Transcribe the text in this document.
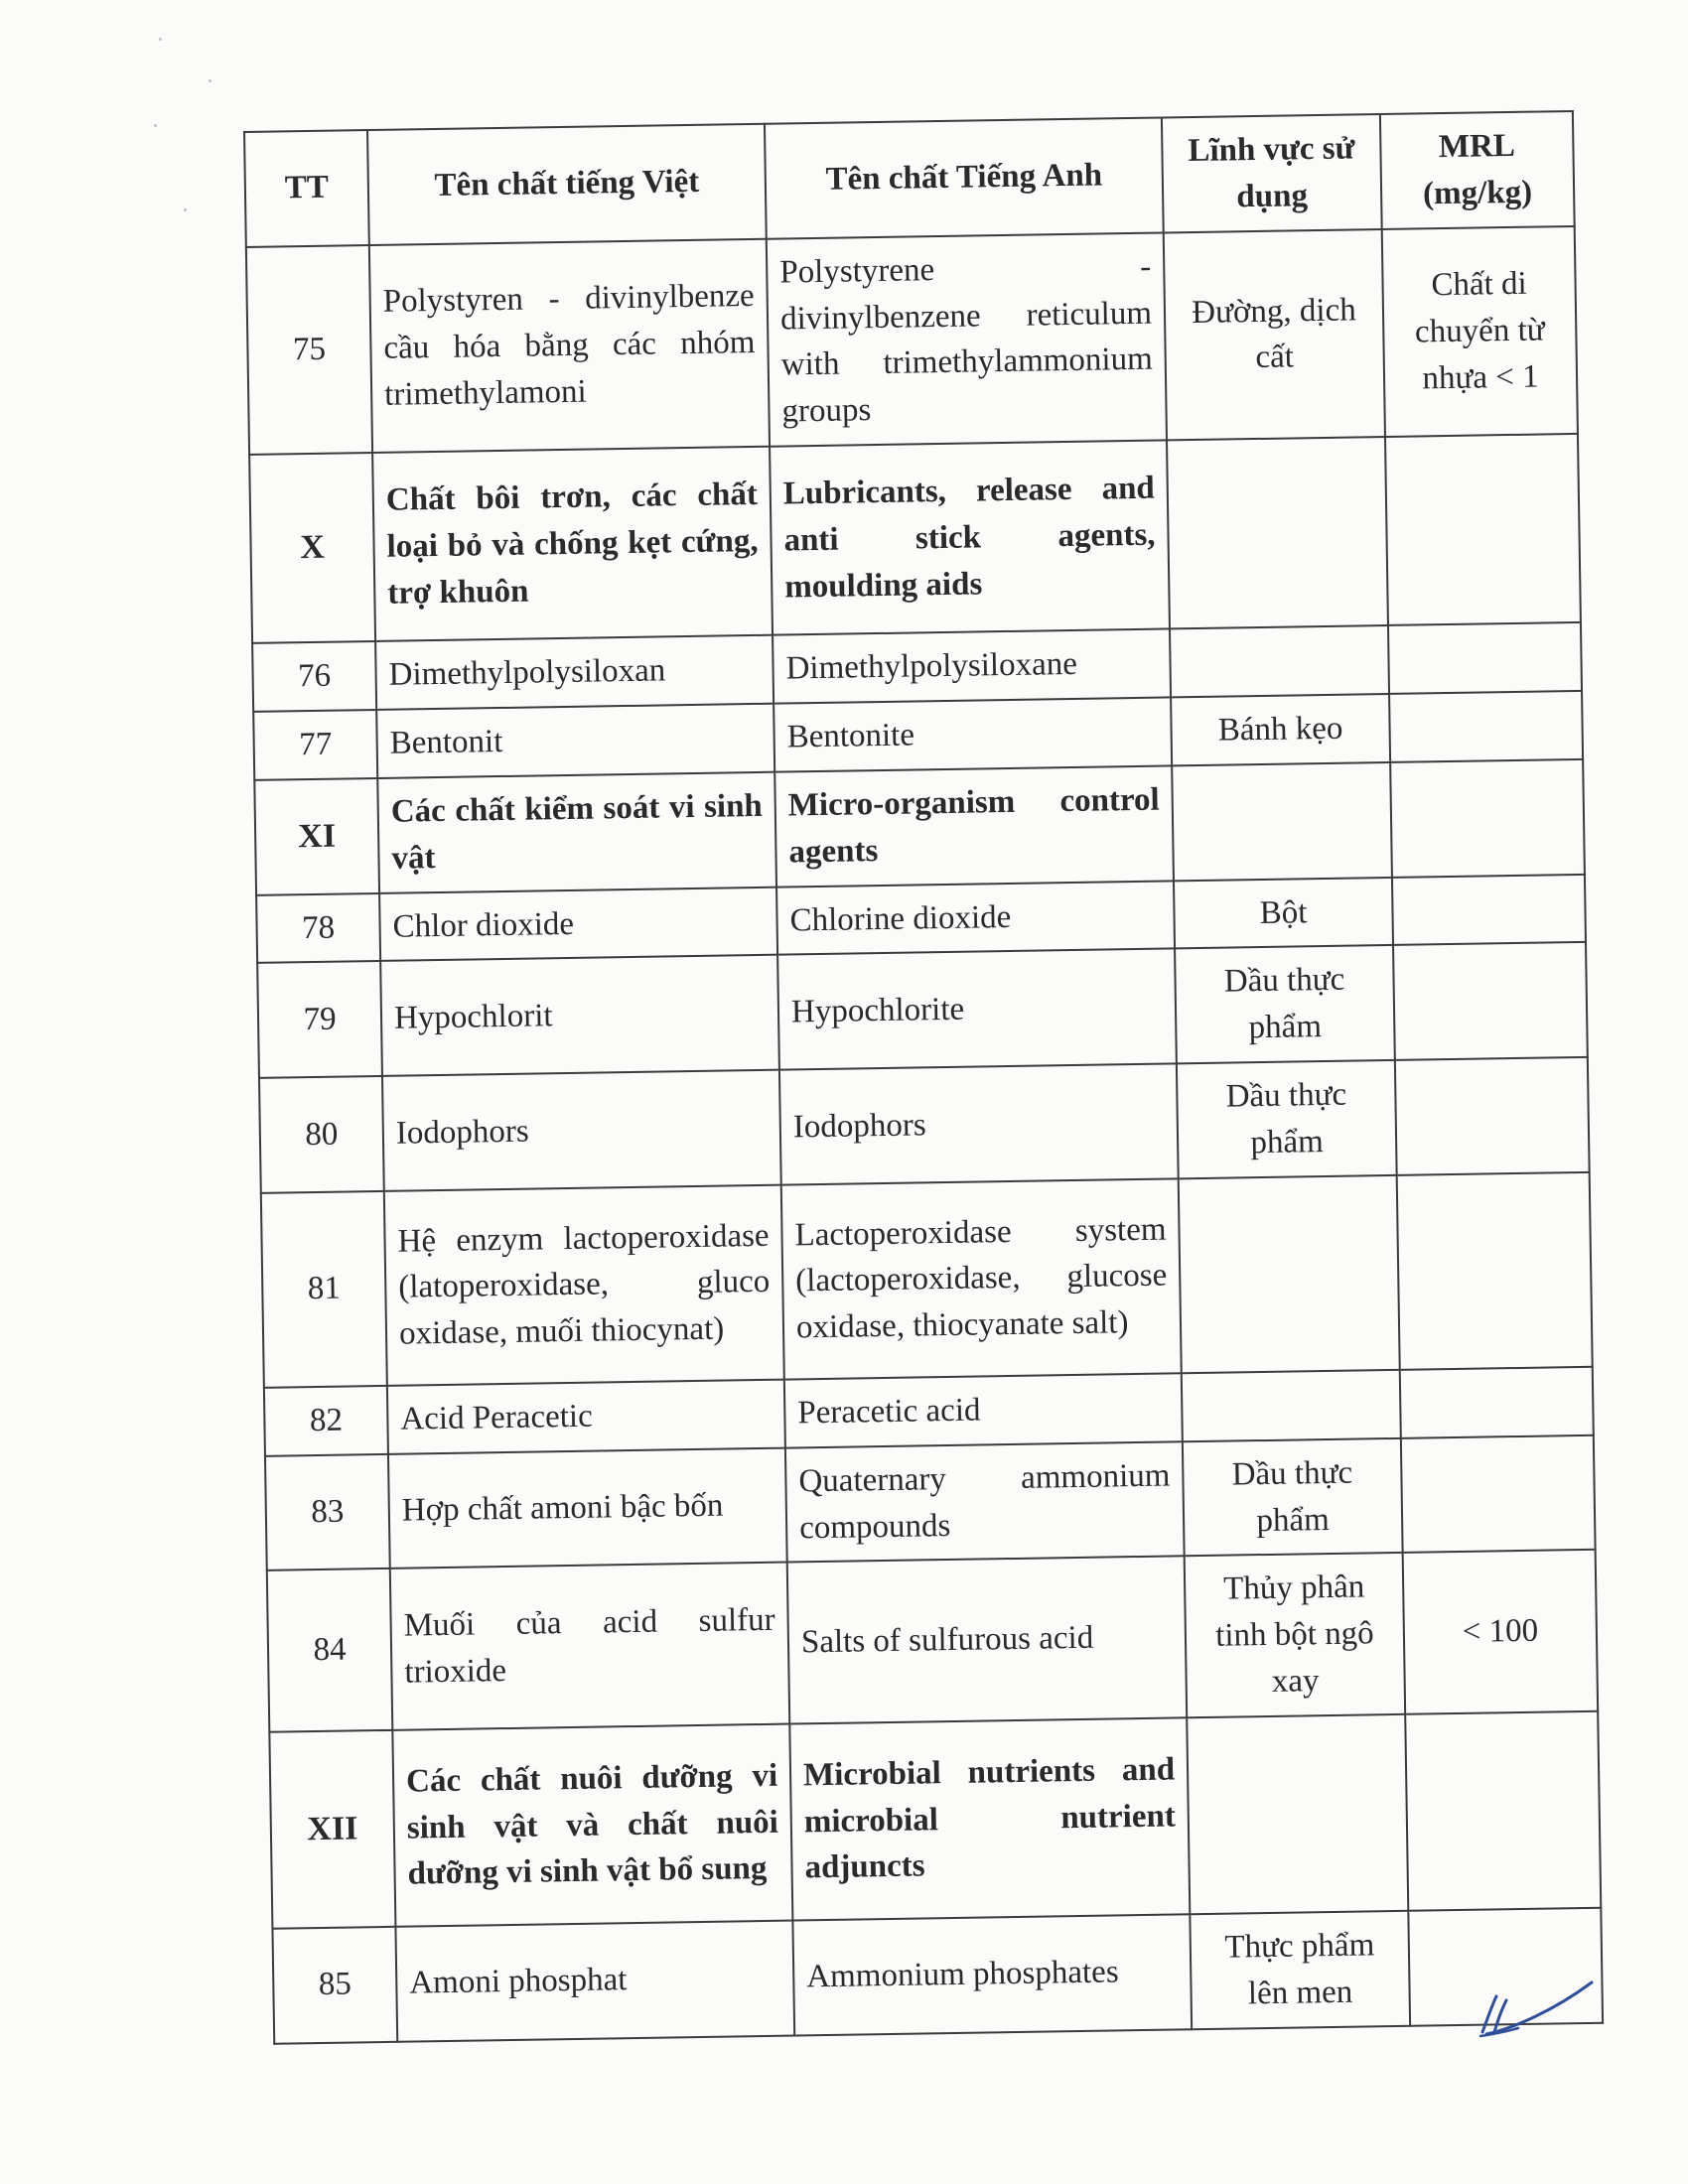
TT	Tên chất tiếng Việt	Tên chất Tiếng Anh	Lĩnh vực sử dụng	MRL (mg/kg)
75	Polystyren - divinylbenze cầu hóa bằng các nhóm trimethylamoni	Polystyrene - divinylbenzene reticulum with trimethylammonium groups	Đường, dịch cất	Chất di chuyển từ nhựa < 1
X	Chất bôi trơn, các chất loại bỏ và chống kẹt cứng, trợ khuôn	Lubricants, release and anti stick agents, moulding aids		
76	Dimethylpolysiloxan	Dimethylpolysiloxane		
77	Bentonit	Bentonite	Bánh kẹo	
XI	Các chất kiểm soát vi sinh vật	Micro-organism control agents		
78	Chlor dioxide	Chlorine dioxide	Bột	
79	Hypochlorit	Hypochlorite	Dầu thực phẩm	
80	Iodophors	Iodophors	Dầu thực phẩm	
81	Hệ enzym lactoperoxidase (latoperoxidase, gluco oxidase, muối thiocynat)	Lactoperoxidase system (lactoperoxidase, glucose oxidase, thiocyanate salt)		
82	Acid Peracetic	Peracetic acid		
83	Hợp chất amoni bậc bốn	Quaternary ammonium compounds	Dầu thực phẩm	
84	Muối của acid sulfur trioxide	Salts of sulfurous acid	Thủy phân tinh bột ngô xay	< 100
XII	Các chất nuôi dưỡng vi sinh vật và chất nuôi dưỡng vi sinh vật bổ sung	Microbial nutrients and microbial nutrient adjuncts		
85	Amoni phosphat	Ammonium phosphates	Thực phẩm lên men	
